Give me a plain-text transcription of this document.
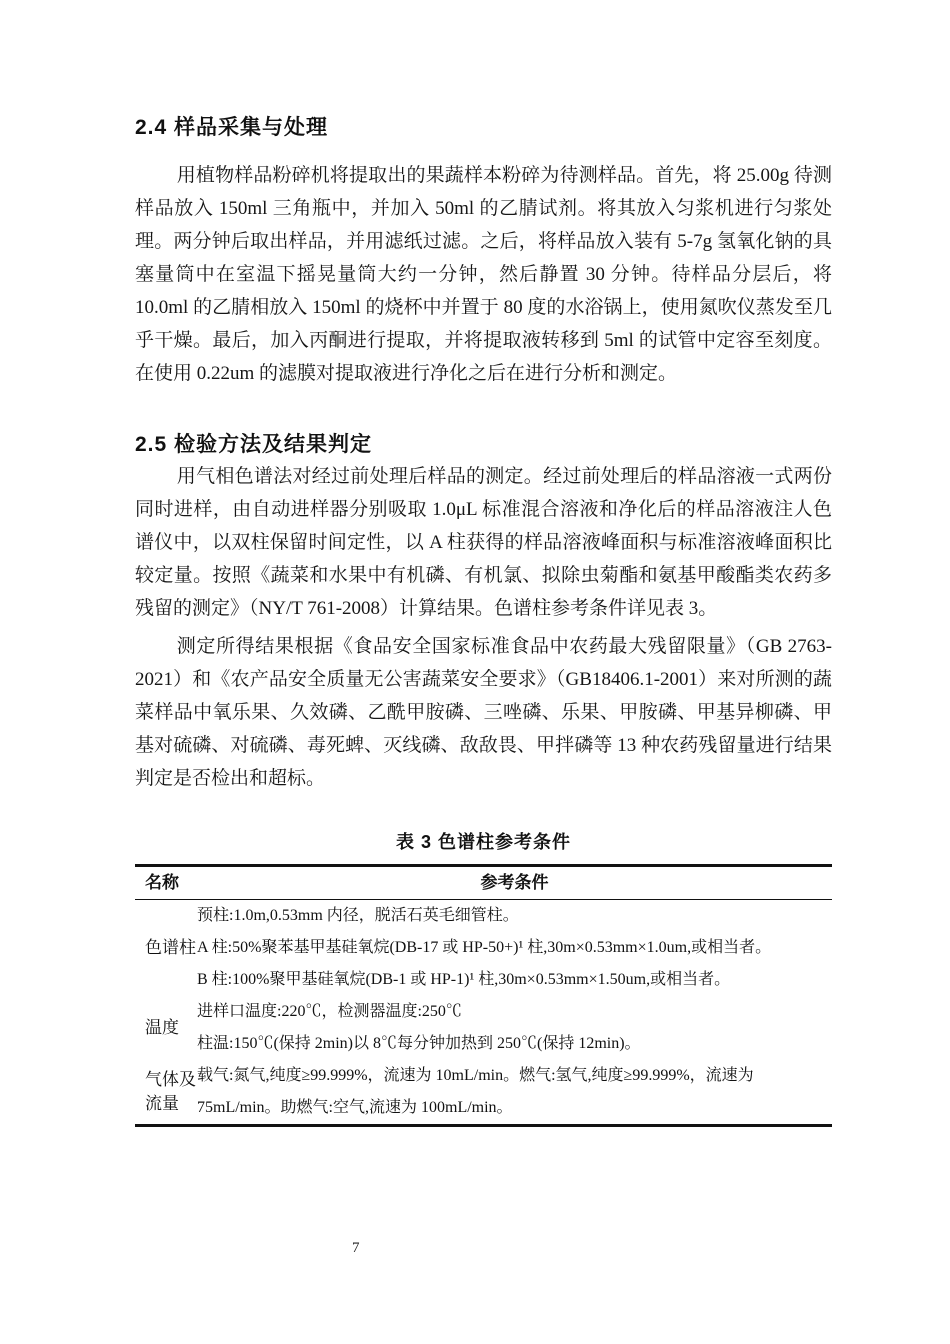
2.4 样品采集与处理

用植物样品粉碎机将提取出的果蔬样本粉碎为待测样品。首先，将 25.00g 待测样品放入 150ml 三角瓶中，并加入 50ml 的乙腈试剂。将其放入匀浆机进行匀浆处理。两分钟后取出样品，并用滤纸过滤。之后，将样品放入装有 5-7g 氢氧化钠的具塞量筒中在室温下摇晃量筒大约一分钟，然后静置 30 分钟。待样品分层后，将 10.0ml 的乙腈相放入 150ml 的烧杯中并置于 80 度的水浴锅上，使用氮吹仪蒸发至几乎干燥。最后，加入丙酮进行提取，并将提取液转移到 5ml 的试管中定容至刻度。在使用 0.22um 的滤膜对提取液进行净化之后在进行分析和测定。

2.5 检验方法及结果判定

用气相色谱法对经过前处理后样品的测定。经过前处理后的样品溶液一式两份同时进样，由自动进样器分别吸取 1.0μL 标准混合溶液和净化后的样品溶液注人色谱仪中，以双柱保留时间定性，以 A 柱获得的样品溶液峰面积与标准溶液峰面积比较定量。按照《蔬菜和水果中有机磷、有机氯、拟除虫菊酯和氨基甲酸酯类农药多残留的测定》（NY/T 761-2008）计算结果。色谱柱参考条件详见表 3。

测定所得结果根据《食品安全国家标准食品中农药最大残留限量》（GB 2763-2021）和《农产品安全质量无公害蔬菜安全要求》（GB18406.1-2001）来对所测的蔬菜样品中氧乐果、久效磷、乙酰甲胺磷、三唑磷、乐果、甲胺磷、甲基异柳磷、甲基对硫磷、对硫磷、毒死蜱、灭线磷、敌敌畏、甲拌磷等 13 种农药残留量进行结果判定是否检出和超标。

表 3 色谱柱参考条件
名称	参考条件
色谱柱
预柱:1.0m,0.53mm 内径，脱活石英毛细管柱。
A 柱:50%聚苯基甲基硅氧烷(DB-17 或 HP-50+)¹ 柱,30m×0.53mm×1.0um,或相当者。
B 柱:100%聚甲基硅氧烷(DB-1 或 HP-1)¹ 柱,30m×0.53mm×1.50um,或相当者。
温度
进样口温度:220℃，检测器温度:250℃
柱温:150℃(保持 2min)以 8℃每分钟加热到 250℃(保持 12min)。
气体及流量
载气:氮气,纯度≥99.999%，流速为 10mL/min。燃气:氢气,纯度≥99.999%，流速为
75mL/min。助燃气:空气,流速为 100mL/min。
7
